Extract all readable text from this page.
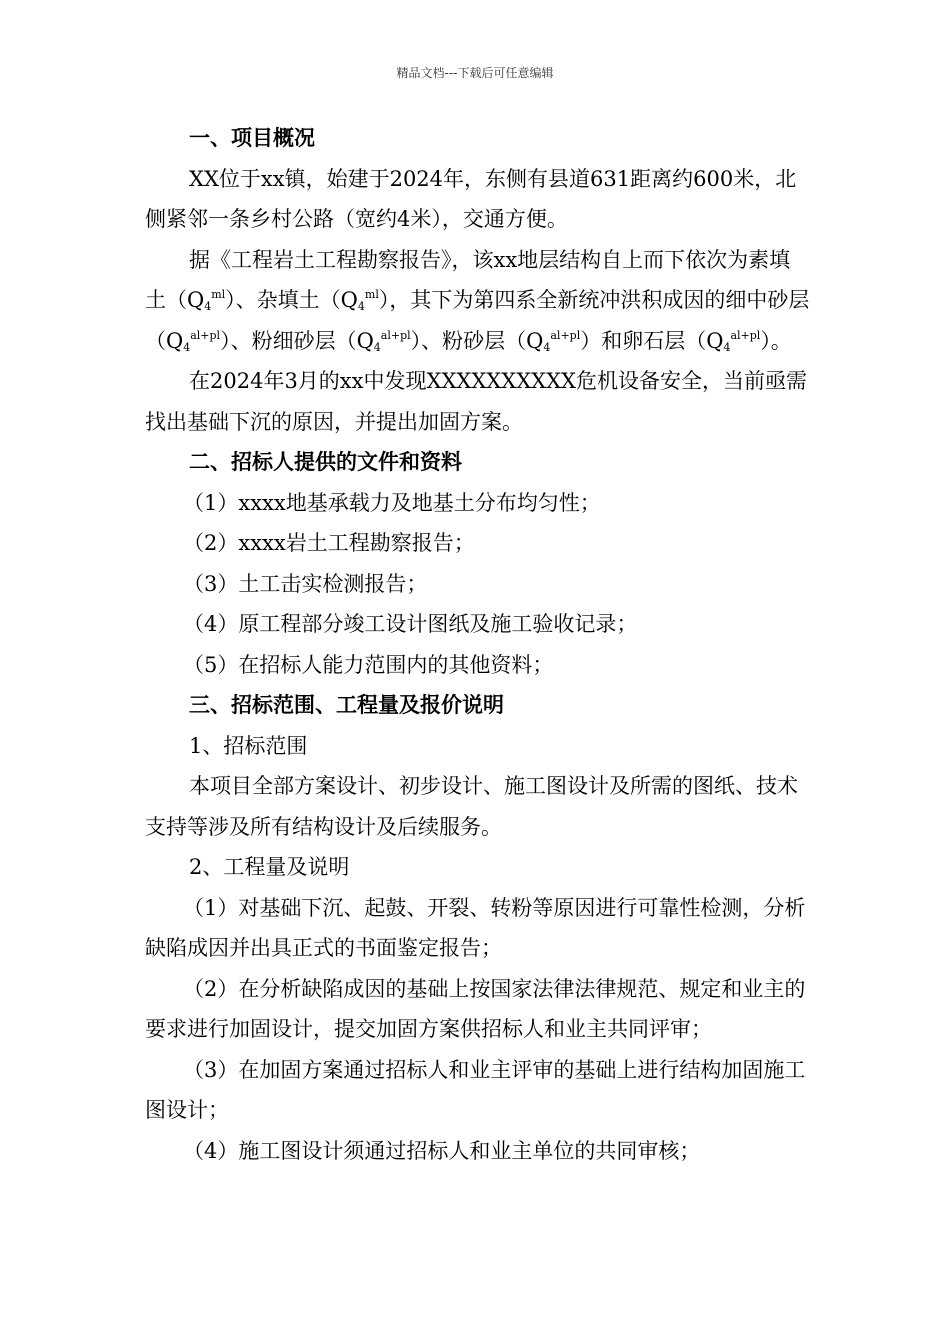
精品文档---下载后可任意编辑

一、项目概况

XX位于xx镇，始建于2024年，东侧有县道631距离约600米，北侧紧邻一条乡村公路（宽约4米），交通方便。

据《工程岩土工程勘察报告》，该xx地层结构自上而下依次为素填土$(Q_4^{ml})$、杂填土$(Q_4^{ml})$，其下为第四系全新统冲洪积成因的细中砂层$(Q_4^{al+pl})$、粉细砂层$(Q_4^{al+pl})$、粉砂层$(Q_4^{al+pl})$和卵石层$(Q_4^{al+pl})$。

在2024年3月的xx中发现XXXXXXXXXX危机设备安全，当前亟需找出基础下沉的原因，并提出加固方案。

二、招标人提供的文件和资料

（1）xxxx地基承载力及地基土分布均匀性；

（2）xxxx岩土工程勘察报告；

（3）土工击实检测报告；

（4）原工程部分竣工设计图纸及施工验收记录；

（5）在招标人能力范围内的其他资料；

三、招标范围、工程量及报价说明

1、招标范围

本项目全部方案设计、初步设计、施工图设计及所需的图纸、技术支持等涉及所有结构设计及后续服务。

2、工程量及说明

（1）对基础下沉、起鼓、开裂、转粉等原因进行可靠性检测，分析缺陷成因并出具正式的书面鉴定报告；

（2）在分析缺陷成因的基础上按国家法律法律规范、规定和业主的要求进行加固设计，提交加固方案供招标人和业主共同评审；

（3）在加固方案通过招标人和业主评审的基础上进行结构加固施工图设计；

（4）施工图设计须通过招标人和业主单位的共同审核；
